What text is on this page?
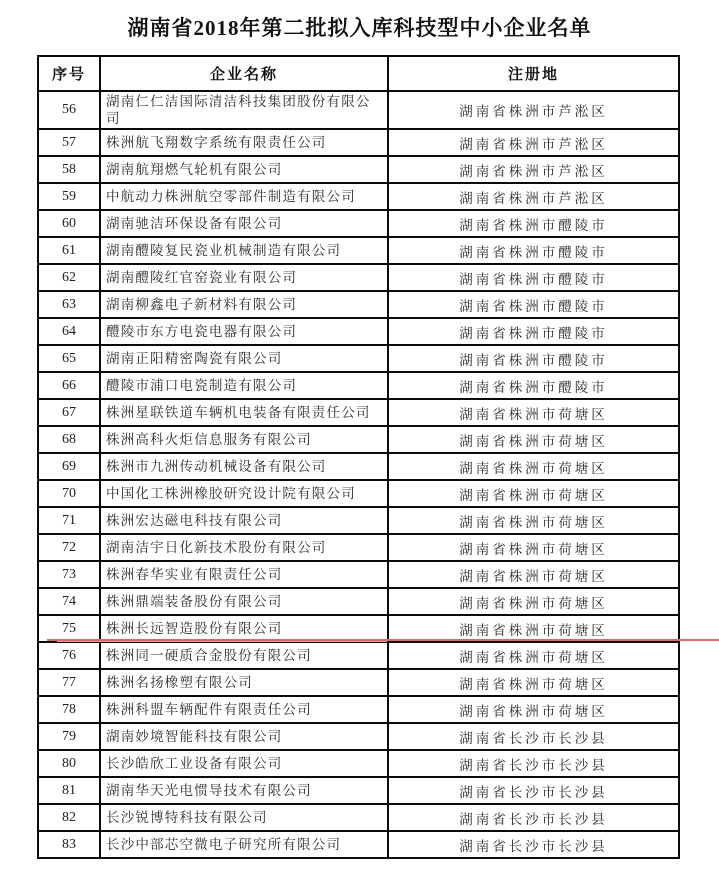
湖南省2018年第二批拟入库科技型中小企业名单
序号	企业名称	注册地
56	湖南仁仁洁国际清洁科技集团股份有限公司	湖南省株洲市芦淞区
57	株洲航飞翔数字系统有限责任公司	湖南省株洲市芦淞区
58	湖南航翔燃气轮机有限公司	湖南省株洲市芦淞区
59	中航动力株洲航空零部件制造有限公司	湖南省株洲市芦淞区
60	湖南驰洁环保设备有限公司	湖南省株洲市醴陵市
61	湖南醴陵复民瓷业机械制造有限公司	湖南省株洲市醴陵市
62	湖南醴陵红官窑瓷业有限公司	湖南省株洲市醴陵市
63	湖南柳鑫电子新材料有限公司	湖南省株洲市醴陵市
64	醴陵市东方电瓷电器有限公司	湖南省株洲市醴陵市
65	湖南正阳精密陶瓷有限公司	湖南省株洲市醴陵市
66	醴陵市浦口电瓷制造有限公司	湖南省株洲市醴陵市
67	株洲星联铁道车辆机电装备有限责任公司	湖南省株洲市荷塘区
68	株洲高科火炬信息服务有限公司	湖南省株洲市荷塘区
69	株洲市九洲传动机械设备有限公司	湖南省株洲市荷塘区
70	中国化工株洲橡胶研究设计院有限公司	湖南省株洲市荷塘区
71	株洲宏达磁电科技有限公司	湖南省株洲市荷塘区
72	湖南洁宇日化新技术股份有限公司	湖南省株洲市荷塘区
73	株洲春华实业有限责任公司	湖南省株洲市荷塘区
74	株洲鼎端装备股份有限公司	湖南省株洲市荷塘区
75	株洲长远智造股份有限公司	湖南省株洲市荷塘区
76	株洲同一硬质合金股份有限公司	湖南省株洲市荷塘区
77	株洲名扬橡塑有限公司	湖南省株洲市荷塘区
78	株洲科盟车辆配件有限责任公司	湖南省株洲市荷塘区
79	湖南妙境智能科技有限公司	湖南省长沙市长沙县
80	长沙皓欣工业设备有限公司	湖南省长沙市长沙县
81	湖南华天光电惯导技术有限公司	湖南省长沙市长沙县
82	长沙锐博特科技有限公司	湖南省长沙市长沙县
83	长沙中部芯空微电子研究所有限公司	湖南省长沙市长沙县
